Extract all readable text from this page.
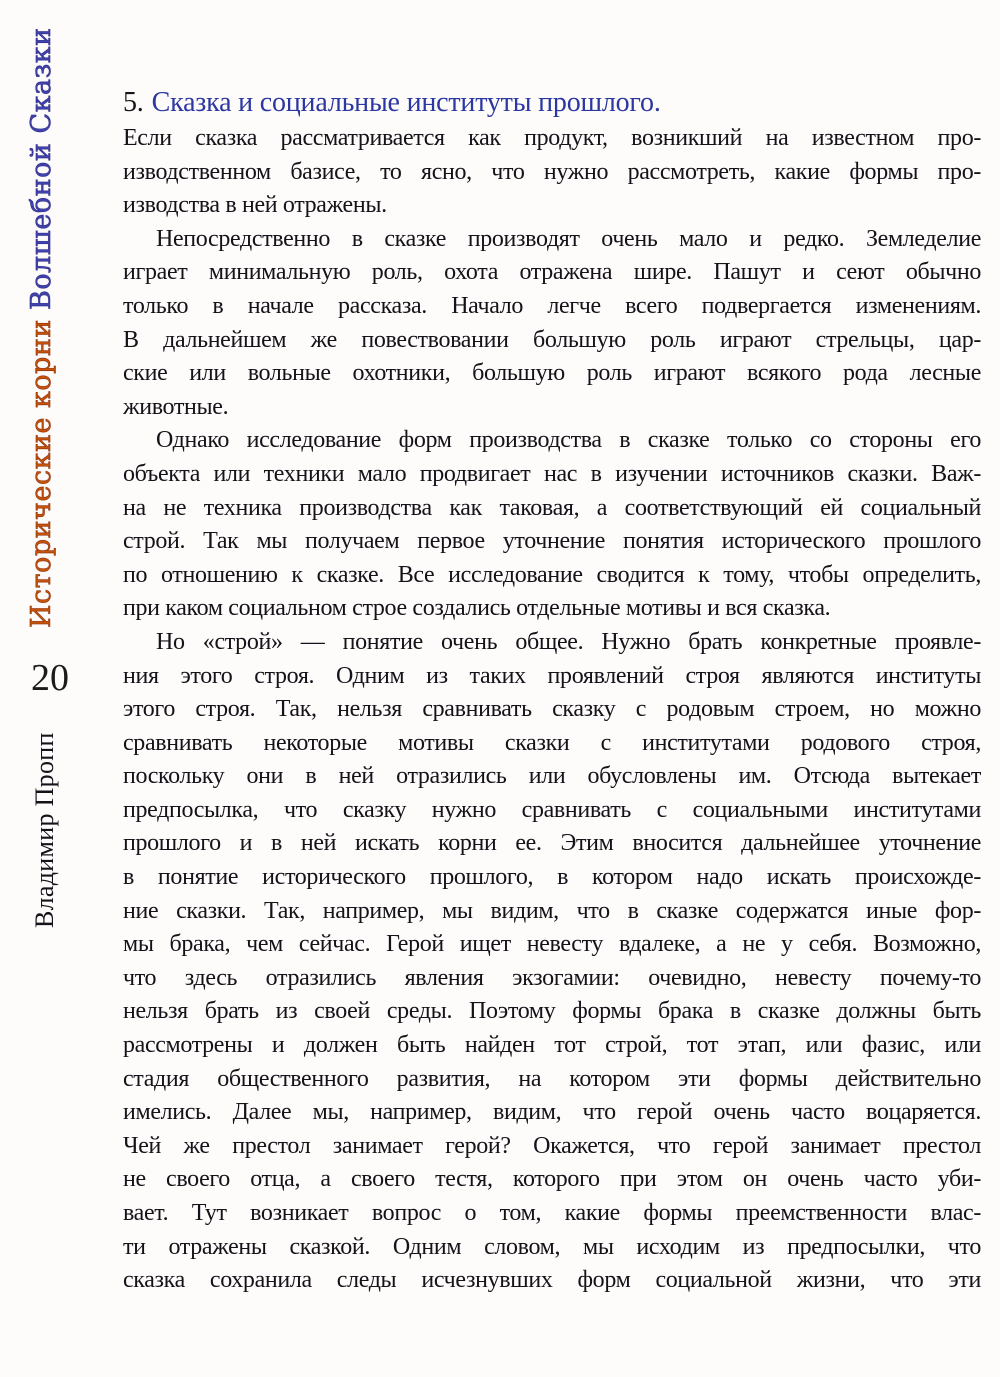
Исторические корни Волшебной Сказки
20
Владимир Пропп
5. Сказка и социальные институты прошлого.
Если сказка рассматривается как продукт, возникший на известном про-
изводственном базисе, то ясно, что нужно рассмотреть, какие формы про-
изводства в ней отражены.
Непосредственно в сказке производят очень мало и редко. Земледелие
играет минимальную роль, охота отражена шире. Пашут и сеют обычно
только в начале рассказа. Начало легче всего подвергается изменениям.
В дальнейшем же повествовании большую роль играют стрельцы, цар-
ские или вольные охотники, большую роль играют всякого рода лесные
животные.
Однако исследование форм производства в сказке только со стороны его
объекта или техники мало продвигает нас в изучении источников сказки. Важ-
на не техника производства как таковая, а соответствующий ей социальный
строй. Так мы получаем первое уточнение понятия исторического прошлого
по отношению к сказке. Все исследование сводится к тому, чтобы определить,
при каком социальном строе создались отдельные мотивы и вся сказка.
Но «строй» — понятие очень общее. Нужно брать конкретные проявле-
ния этого строя. Одним из таких проявлений строя являются институты
этого строя. Так, нельзя сравнивать сказку с родовым строем, но можно
сравнивать некоторые мотивы сказки с институтами родового строя,
поскольку они в ней отразились или обусловлены им. Отсюда вытекает
предпосылка, что сказку нужно сравнивать с социальными институтами
прошлого и в ней искать корни ее. Этим вносится дальнейшее уточнение
в понятие исторического прошлого, в котором надо искать происхожде-
ние сказки. Так, например, мы видим, что в сказке содержатся иные фор-
мы брака, чем сейчас. Герой ищет невесту вдалеке, а не у себя. Возможно,
что здесь отразились явления экзогамии: очевидно, невесту почему-то
нельзя брать из своей среды. Поэтому формы брака в сказке должны быть
рассмотрены и должен быть найден тот строй, тот этап, или фазис, или
стадия общественного развития, на котором эти формы действительно
имелись. Далее мы, например, видим, что герой очень часто воцаряется.
Чей же престол занимает герой? Окажется, что герой занимает престол
не своего отца, а своего тестя, которого при этом он очень часто уби-
вает. Тут возникает вопрос о том, какие формы преемственности влас-
ти отражены сказкой. Одним словом, мы исходим из предпосылки, что
сказка сохранила следы исчезнувших форм социальной жизни, что эти
